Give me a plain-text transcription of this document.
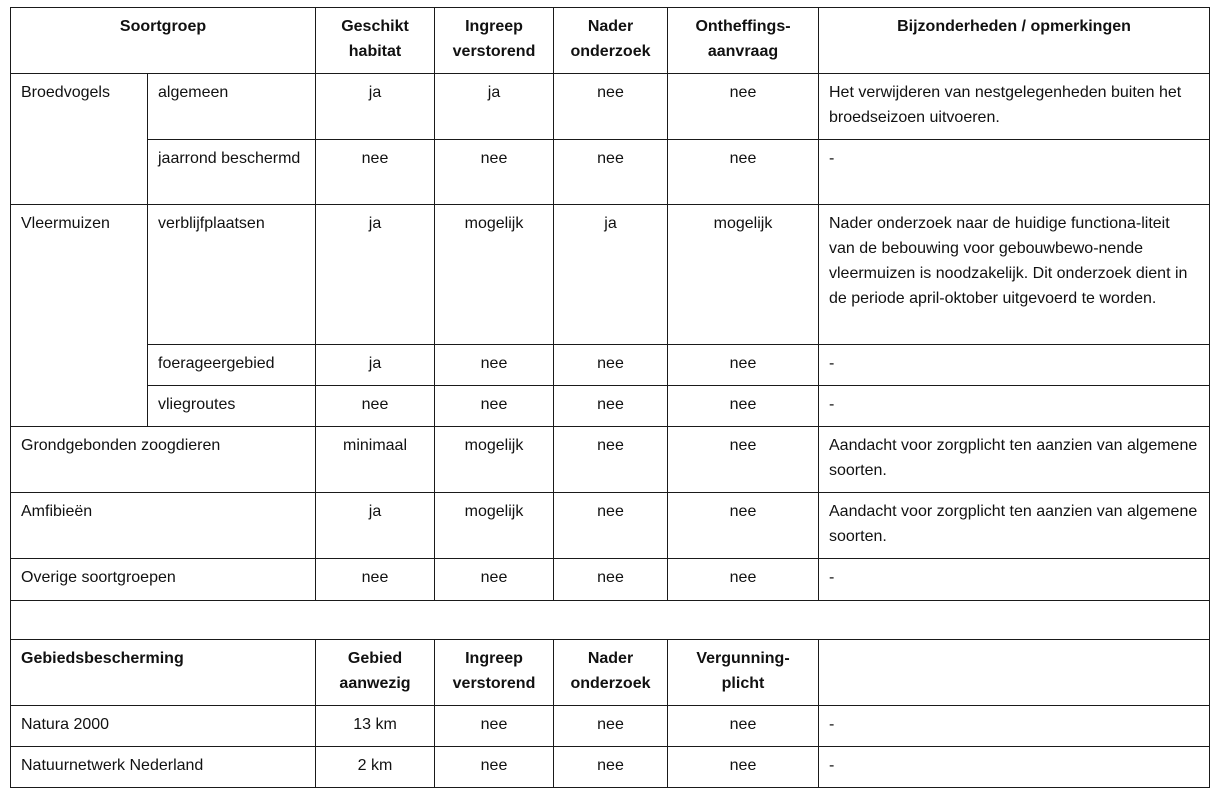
Soortgroep		Geschikt habitat	Ingreep verstorend	Nader onderzoek	Ontheffings- aanvraag	Bijzonderheden / opmerkingen
Broedvogels	algemeen	ja	ja	nee	nee	Het verwijderen van nestgelegenheden buiten het broedseizoen uitvoeren.
	jaarrond beschermd	nee	nee	nee	nee	-
Vleermuizen	verblijfplaatsen	ja	mogelijk	ja	mogelijk	Nader onderzoek naar de huidige functiona-liteit van de bebouwing voor gebouwbewo-nende vleermuizen is noodzakelijk. Dit onderzoek dient in de periode april-oktober uitgevoerd te worden.
	foerageergebied	ja	nee	nee	nee	-
	vliegroutes	nee	nee	nee	nee	-
Grondgebonden zoogdieren		minimaal	mogelijk	nee	nee	Aandacht voor zorgplicht ten aanzien van algemene soorten.
Amfibieën		ja	mogelijk	nee	nee	Aandacht voor zorgplicht ten aanzien van algemene soorten.
Overige soortgroepen		nee	nee	nee	nee	-

Gebiedsbescherming		Gebied aanwezig	Ingreep verstorend	Nader onderzoek	Vergunning- plicht	
Natura 2000		13 km	nee	nee	nee	-
Natuurnetwerk Nederland		2 km	nee	nee	nee	-
